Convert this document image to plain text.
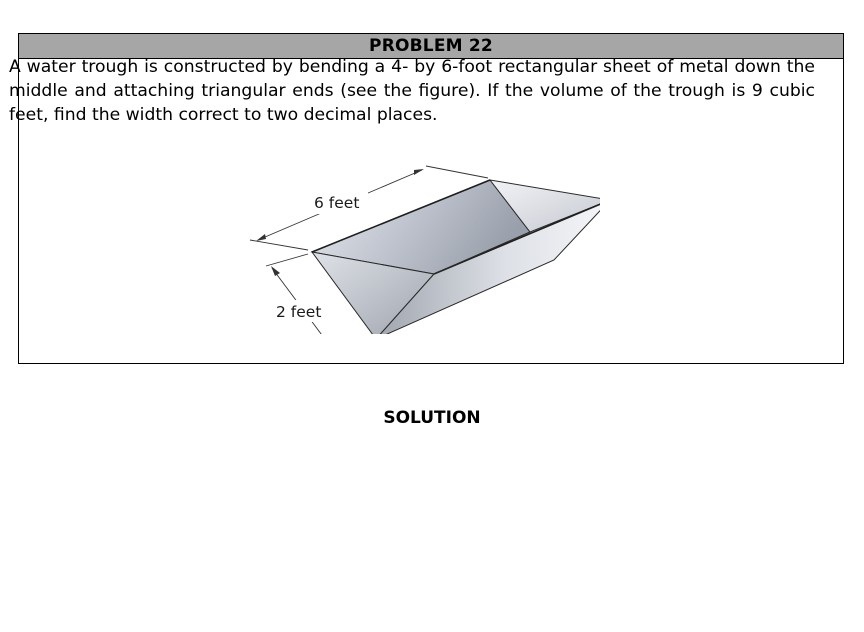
PROBLEM 22
A water trough is constructed by bending a 4- by 6-foot rectangular sheet of metal down the middle and attaching triangular ends (see the figure). If the volume of the trough is 9 cubic feet, find the width correct to two decimal places.
6 feet
2 feet
SOLUTION
